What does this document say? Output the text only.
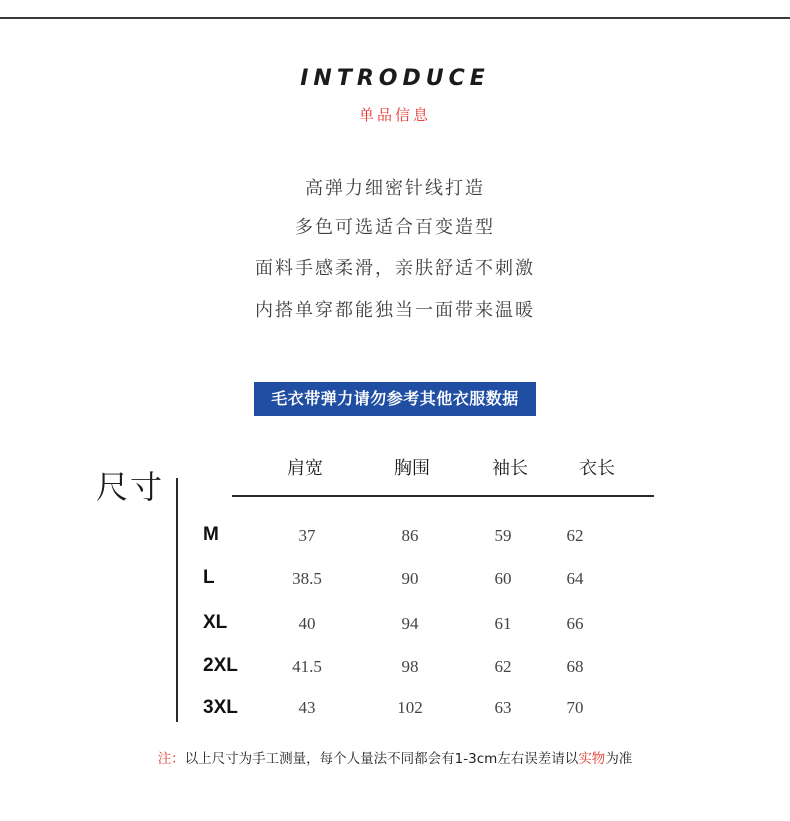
INTRODUCE
单品信息
高弹力细密针线打造
多色可选适合百变造型
面料手感柔滑，亲肤舒适不刺激
内搭单穿都能独当一面带来温暖
毛衣带弹力请勿参考其他衣服数据
尺寸	肩宽	胸围	袖长	衣长
M	37	86	59	62
L	38.5	90	60	64
XL	40	94	61	66
2XL	41.5	98	62	68
3XL	43	102	63	70
注：以上尺寸为手工测量，每个人量法不同都会有1-3cm左右误差请以实物为准
